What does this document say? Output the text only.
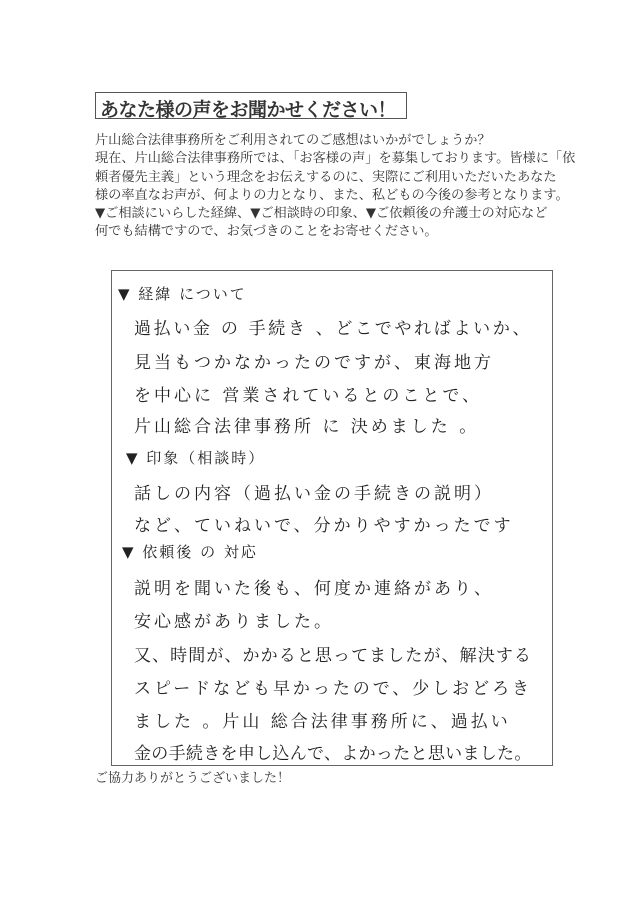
あなた様の声をお聞かせください！
片山総合法律事務所をご利用されてのご感想はいかがでしょうか？
現在、片山総合法律事務所では、「お客様の声」を募集しております。皆様に「依
頼者優先主義」という理念をお伝えするのに、実際にご利用いただいたあなた
様の率直なお声が、何よりの力となり、また、私どもの今後の参考となります。
▼ご相談にいらした経緯、▼ご相談時の印象、▼ご依頼後の弁護士の対応など
何でも結構ですので、お気づきのことをお寄せください。
▼ 経緯 について
過払い金 の 手続き 、どこでやればよいか、
見当もつかなかったのですが、東海地方
を中心に 営業されているとのことで、
片山総合法律事務所 に 決めました 。
▼ 印象（相談時）
話しの内容（過払い金の手続きの説明）
など、ていねいで、分かりやすかったです
▼ 依頼後 の 対応
説明を聞いた後も、何度か連絡があり、
安心感がありました。
又、時間が、かかると思ってましたが、解決する
スピードなども早かったので、少しおどろき
ました 。片山 総合法律事務所に、過払い
金の手続きを申し込んで、よかったと思いました。
ご協力ありがとうございました！
